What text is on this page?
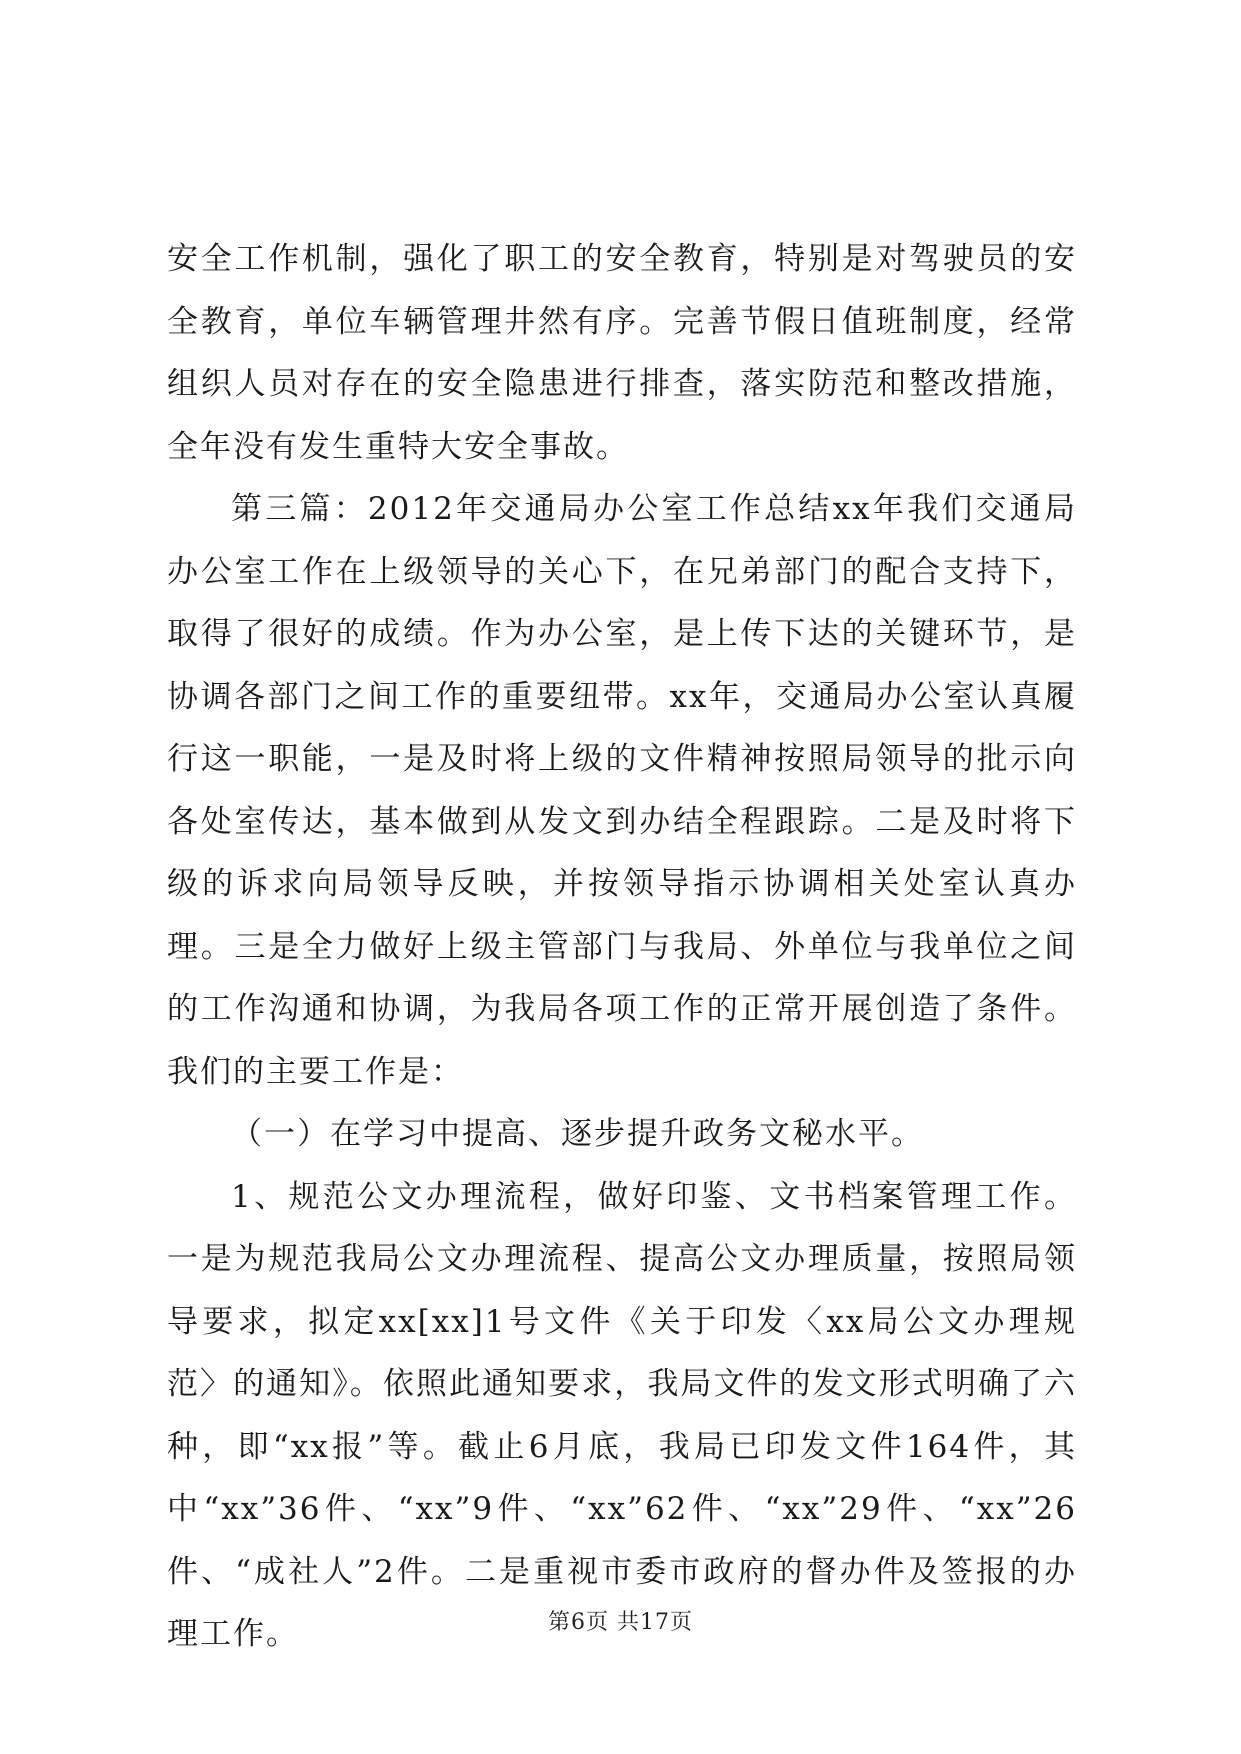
安全工作机制，强化了职工的安全教育，特别是对驾驶员的安全教育，单位车辆管理井然有序。完善节假日值班制度，经常组织人员对存在的安全隐患进行排查，落实防范和整改措施，全年没有发生重特大安全事故。

第三篇：2012年交通局办公室工作总结xx年我们交通局办公室工作在上级领导的关心下，在兄弟部门的配合支持下，取得了很好的成绩。作为办公室，是上传下达的关键环节，是协调各部门之间工作的重要纽带。xx年，交通局办公室认真履行这一职能，一是及时将上级的文件精神按照局领导的批示向各处室传达，基本做到从发文到办结全程跟踪。二是及时将下级的诉求向局领导反映，并按领导指示协调相关处室认真办理。三是全力做好上级主管部门与我局、外单位与我单位之间的工作沟通和协调，为我局各项工作的正常开展创造了条件。我们的主要工作是：

（一）在学习中提高、逐步提升政务文秘水平。

1、规范公文办理流程，做好印鉴、文书档案管理工作。一是为规范我局公文办理流程、提高公文办理质量，按照局领导要求，拟定xx[xx]1号文件《关于印发〈xx局公文办理规范〉的通知》。依照此通知要求，我局文件的发文形式明确了六种，即“xx报”等。截止6月底，我局已印发文件164件，其中“xx”36件、“xx”9件、“xx”62件、“xx”29件、“xx”26件、“成社人”2件。二是重视市委市政府的督办件及签报的办理工作。	第6页 共17页
